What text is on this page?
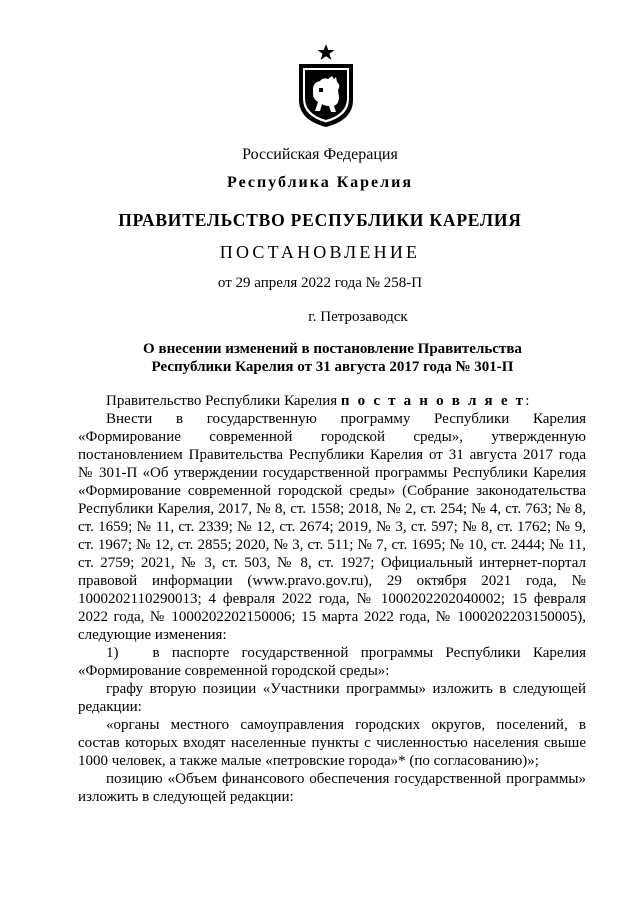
Российская Федерация
Республика Карелия
ПРАВИТЕЛЬСТВО РЕСПУБЛИКИ КАРЕЛИЯ
ПОСТАНОВЛЕНИЕ
от 29 апреля 2022 года № 258-П
г. Петрозаводск
О внесении изменений в постановление Правительства
Республики Карелия от 31 августа 2017 года № 301-П

Правительство Республики Карелия п о с т а н о в л я е т:

Внести в государственную программу Республики Карелия «Формирование современной городской среды», утвержденную постановлением Правительства Республики Карелия от 31 августа 2017 года № 301-П «Об утверждении государственной программы Республики Карелия «Формирование современной городской среды» (Собрание законодательства Республики Карелия, 2017, № 8, ст. 1558; 2018, № 2, ст. 254; № 4, ст. 763; № 8, ст. 1659; № 11, ст. 2339; № 12, ст. 2674; 2019, № 3, ст. 597; № 8, ст. 1762; № 9, ст. 1967; № 12, ст. 2855; 2020, № 3, ст. 511; № 7, ст. 1695; № 10, ст. 2444; № 11, ст. 2759; 2021, № 3, ст. 503, № 8, ст. 1927; Официальный интернет-портал правовой информации (www.pravo.gov.ru), 29 октября 2021 года, № 1000202110290013; 4 февраля 2022 года, № 1000202202040002; 15 февраля 2022 года, № 1000202202150006; 15 марта 2022 года, № 1000202203150005), следующие изменения:

1) в паспорте государственной программы Республики Карелия «Формирование современной городской среды»:

графу вторую позиции «Участники программы» изложить в следующей редакции:

«органы местного самоуправления городских округов, поселений, в состав которых входят населенные пункты с численностью населения свыше 1000 человек, а также малые «петровские города»* (по согласованию)»;

позицию «Объем финансового обеспечения государственной программы» изложить в следующей редакции:
